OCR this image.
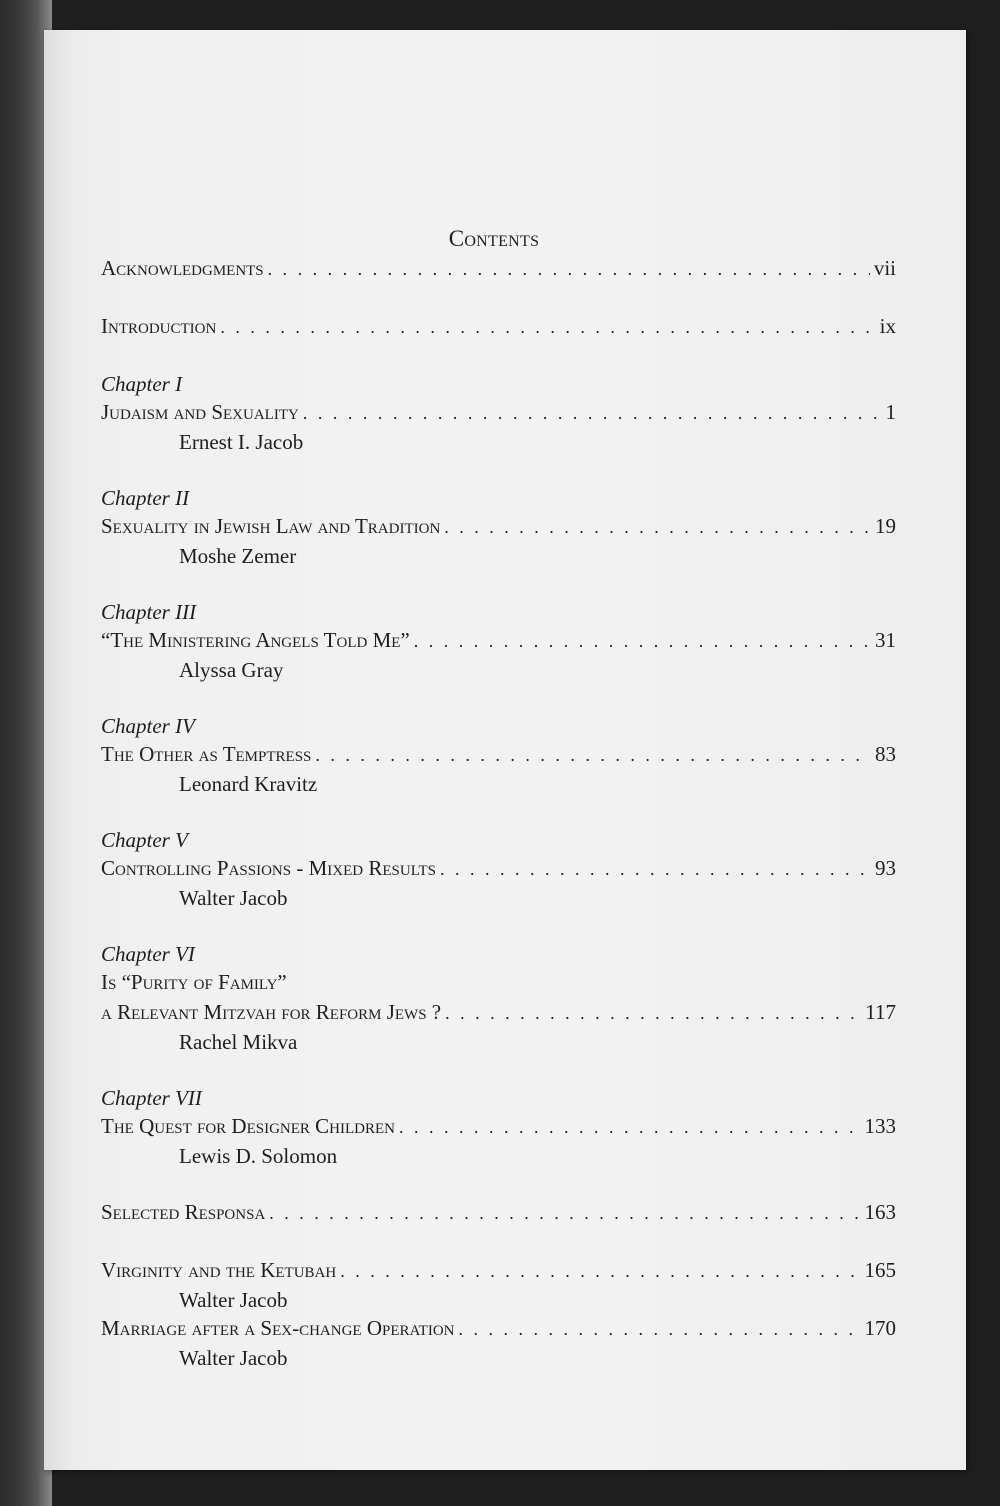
Contents
Acknowledgments . . .	vii
Introduction . . .	ix
Chapter I
Judaism and Sexuality . . .	1
Ernest I. Jacob
Chapter II
Sexuality in Jewish Law and Tradition . . .	19
Moshe Zemer
Chapter III
“The Ministering Angels Told Me” . . .	31
Alyssa Gray
Chapter IV
The Other as Temptress . . .	83
Leonard Kravitz
Chapter V
Controlling Passions - Mixed Results . . .	93
Walter Jacob
Chapter VI
Is “Purity of Family”
a Relevant Mitzvah for Reform Jews ? . . .	117
Rachel Mikva
Chapter VII
The Quest for Designer Children . . .	133
Lewis D. Solomon
Selected Responsa . . .	163
Virginity and the Ketubah . . .	165
Walter Jacob
Marriage after a Sex-change Operation . . .	170
Walter Jacob
